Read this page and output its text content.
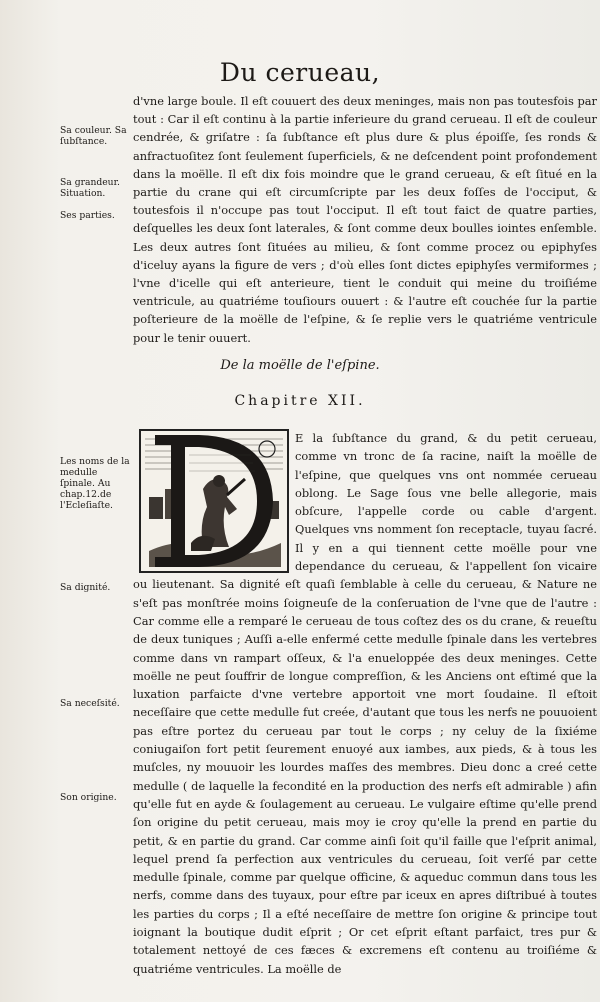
Du cerueau,
Sa couleur. Sa ſubſtance.
Sa grandeur. Situation.
Ses parties.

d'vne large boule. Il eſt couuert des deux meninges, mais non pas toutesfois par tout : Car il eſt continu à la partie inferieure du grand cerueau. Il eſt de couleur cendrée, & griſatre : ſa ſubſtance eſt plus dure & plus épοiſſe, ſes ronds & anfractuoſitez ſont ſeulement ſuperficiels, & ne deſcendent point profondement dans la moëlle. Il eſt dix fois moindre que le grand cerueau, & eſt ſitué en la partie du crane qui eſt circumſcripte par les deux foſſes de l'occiput, & toutesfois il n'occupe pas tout l'occiput. Il eſt tout faict de quatre parties, deſquelles les deux ſont laterales, & ſont comme deux boulles iointes enſemble. Les deux autres ſont ſituées au milieu, & ſont comme procez ou epiphyſes d'iceluy ayans la figure de vers ; d'où elles ſont dictes epiphyſes vermiformes ; l'vne d'icelle qui eſt anterieure, tient le conduit qui meine du troiſiéme ventricule, au quatriéme touſiours ouuert : & l'autre eſt couchée ſur la partie poſterieure de la moëlle de l'eſpine, & ſe replie vers le quatriéme ventricule pour le tenir ouuert.

De la moëlle de l'eſpine.
Chapitre XII.
Les noms de la medulle ſpinale. Au chap.12.de l'Ecleſiaſte.
Sa dignité.
Sa neceſsité.
Son origine.
E la ſubſtance du grand, & du petit cerueau, comme vn tronc de ſa racine, naiſt la moëlle de l'eſpine, que quelques vns ont nommée cerueau oblong. Le Sage ſous vne belle allegorie, mais obſcure, l'appelle corde ou cable d'argent. Quelques vns nomment ſon receptacle, tuyau ſacré. Il y en a qui tiennent cette moëlle pour vne dependance du cerueau, & l'appellent ſon vicaire ou lieutenant. Sa dignité eſt quaſi ſemblable à celle du cerueau, & Nature ne s'eſt pas monſtrée moins ſoigneuſe de la conſeruation de l'vne que de l'autre : Car comme elle a remparé le cerueau de tous coſtez des os du crane, & reueſtu de deux tuniques ; Auſſi a-elle enfermé cette medulle ſpinale dans les vertebres comme dans vn rampart oſſeux, & l'a enueloppée des deux meninges. Cette moëlle ne peut ſouffrir de longue compreſſion, & les Anciens ont eſtimé que la luxation parfaicte d'vne vertebre apportoit vne mort ſoudaine. Il eſtoit neceſſaire que cette medulle fut creée, d'autant que tous les nerfs ne pouuoient pas eſtre portez du cerueau par tout le corps ; ny celuy de la ſixiéme coniugaiſon fort petit ſeurement enuoyé aux iambes, aux pieds, & à tous les muſcles, ny mouuoir les lourdes maſſes des membres. Dieu donc a creé cette medulle ( de laquelle la fecondité en la production des nerfs eſt admirable ) afin qu'elle fut en ayde & ſoulagement au cerueau. Le vulgaire eſtime qu'elle prend ſon origine du petit cerueau, mais moy ie croy qu'elle la prend en partie du petit, & en partie du grand. Car comme ainſi ſoit qu'il faille que l'eſprit animal, lequel prend ſa perfection aux ventricules du cerueau, ſoit verſé par cette medulle ſpinale, comme par quelque officine, & aqueduc commun dans tous les nerfs, comme dans des tuyaux, pour eſtre par iceux en apres diſtribué à toutes les parties du corps ; Il a eſté neceſſaire de mettre ſon origine & principe tout ioignant la boutique dudit eſprit ; Or cet eſprit eſtant parfaict, tres pur & totalement nettoyé de ces fæces & excremens eſt contenu au troiſiéme & quatriéme ventricules. La moëlle de
